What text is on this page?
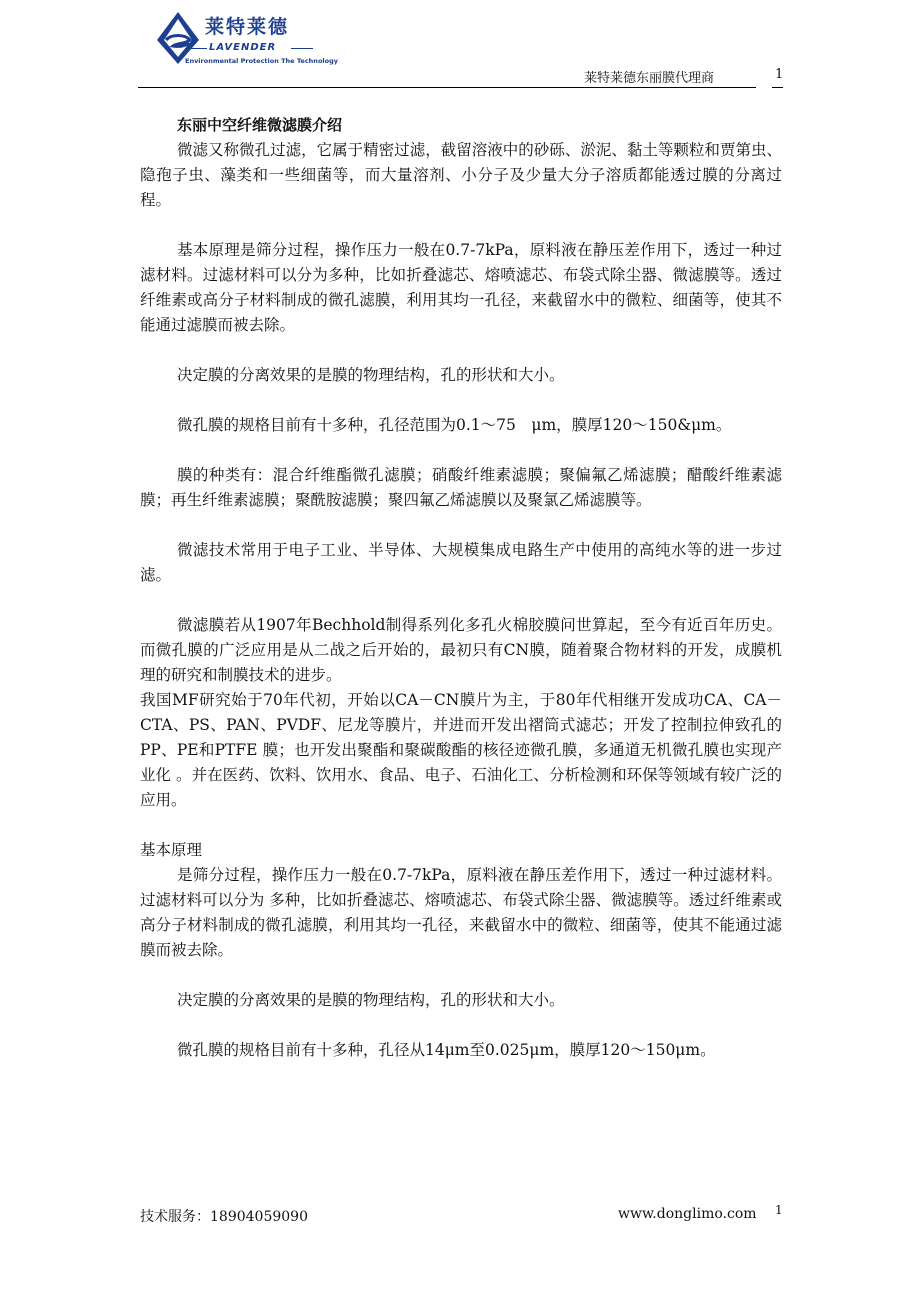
莱特莱德
LAVENDER
Environmental Protection The Technology
莱特莱德东丽膜代理商	1

东丽中空纤维微滤膜介绍

微滤又称微孔过滤，它属于精密过滤，截留溶液中的砂砾、淤泥、黏土等颗粒和贾第虫、隐孢子虫、藻类和一些细菌等，而大量溶剂、小分子及少量大分子溶质都能透过膜的分离过程。

基本原理是筛分过程，操作压力一般在0.7-7kPa，原料液在静压差作用下，透过一种过滤材料。过滤材料可以分为多种，比如折叠滤芯、熔喷滤芯、布袋式除尘器、微滤膜等。透过纤维素或高分子材料制成的微孔滤膜，利用其均一孔径，来截留水中的微粒、细菌等，使其不能通过滤膜而被去除。

决定膜的分离效果的是膜的物理结构，孔的形状和大小。

微孔膜的规格目前有十多种，孔径范围为0.1～75　μm，膜厚120～150&μm。

膜的种类有：混合纤维酯微孔滤膜；硝酸纤维素滤膜；聚偏氟乙烯滤膜；醋酸纤维素滤膜；再生纤维素滤膜；聚酰胺滤膜；聚四氟乙烯滤膜以及聚氯乙烯滤膜等。

微滤技术常用于电子工业、半导体、大规模集成电路生产中使用的高纯水等的进一步过滤。

微滤膜若从1907年Bechhold制得系列化多孔火棉胶膜问世算起，至今有近百年历史。而微孔膜的广泛应用是从二战之后开始的，最初只有CN膜，随着聚合物材料的开发，成膜机理的研究和制膜技术的进步。

我国MF研究始于70年代初，开始以CA－CN膜片为主，于80年代相继开发成功CA、CA－CTA、PS、PAN、PVDF、尼龙等膜片，并进而开发出褶筒式滤芯；开发了控制拉伸致孔的PP、PE和PTFE 膜；也开发出聚酯和聚碳酸酯的核径迹微孔膜，多通道无机微孔膜也实现产业化 。并在医药、饮料、饮用水、食品、电子、石油化工、分析检测和环保等领域有较广泛的应用。

基本原理

是筛分过程，操作压力一般在0.7-7kPa，原料液在静压差作用下，透过一种过滤材料。过滤材料可以分为 多种，比如折叠滤芯、熔喷滤芯、布袋式除尘器、微滤膜等。透过纤维素或高分子材料制成的微孔滤膜，利用其均一孔径，来截留水中的微粒、细菌等，使其不能通过滤膜而被去除。

决定膜的分离效果的是膜的物理结构，孔的形状和大小。

微孔膜的规格目前有十多种，孔径从14μm至0.025μm，膜厚120～150μm。

技术服务：18904059090	www.donglimo.com 1
